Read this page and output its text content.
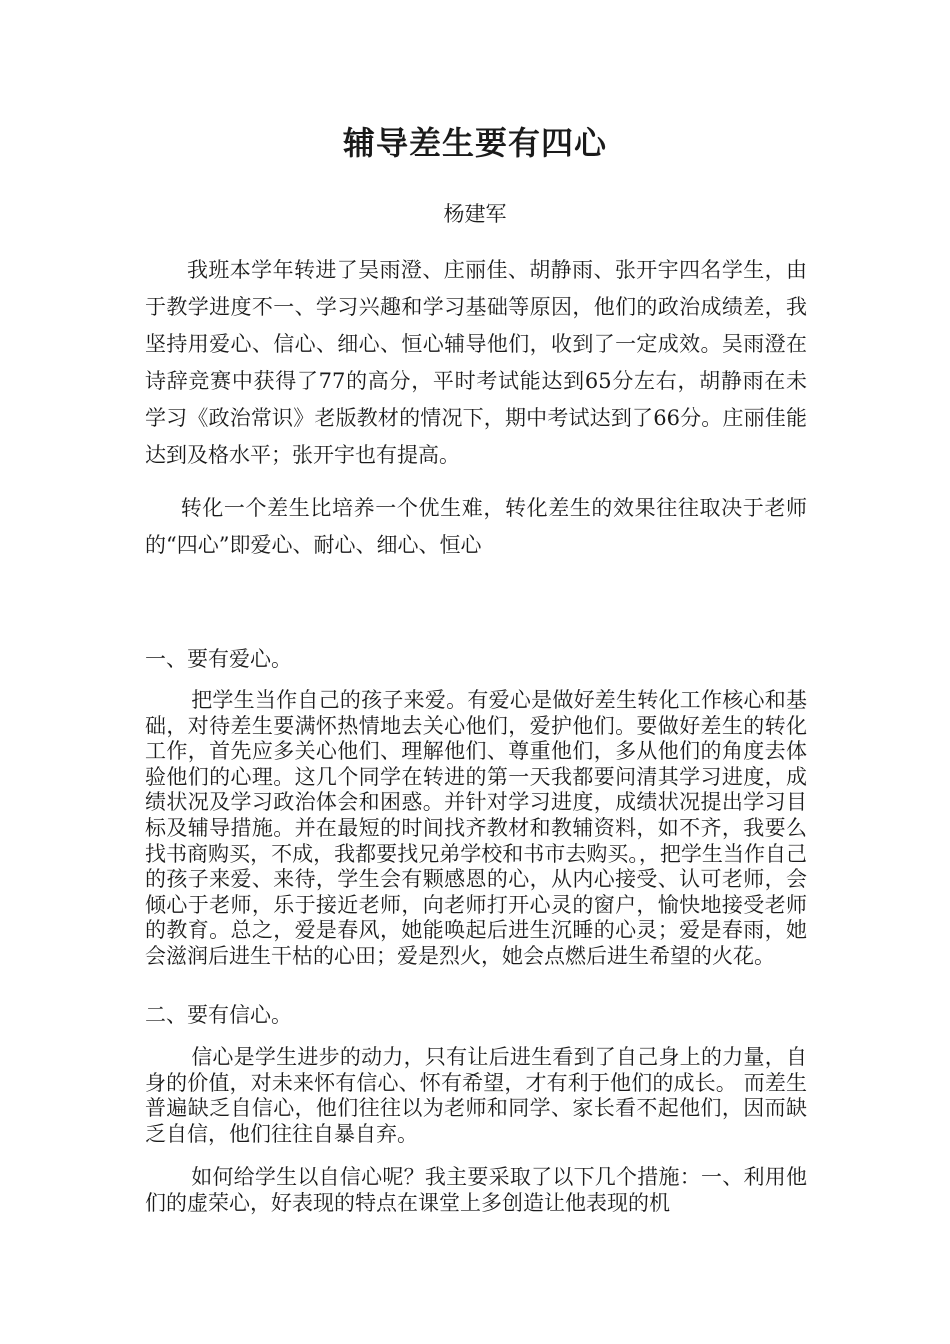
辅导差生要有四心

杨建军

我班本学年转进了吴雨澄、庄丽佳、胡静雨、张开宇四名学生，由于教学进度不一、学习兴趣和学习基础等原因，他们的政治成绩差，我坚持用爱心、信心、细心、恒心辅导他们，收到了一定成效。吴雨澄在诗辞竞赛中获得了77的高分，平时考试能达到65分左右，胡静雨在未学习《政治常识》老版教材的情况下，期中考试达到了66分。庄丽佳能达到及格水平；张开宇也有提高。

转化一个差生比培养一个优生难，转化差生的效果往往取决于老师的“四心”即爱心、耐心、细心、恒心

一、要有爱心。

把学生当作自己的孩子来爱。有爱心是做好差生转化工作核心和基础，对待差生要满怀热情地去关心他们，爱护他们。要做好差生的转化工作，首先应多关心他们、理解他们、尊重他们，多从他们的角度去体验他们的心理。这几个同学在转进的第一天我都要问清其学习进度，成绩状况及学习政治体会和困惑。并针对学习进度，成绩状况提出学习目标及辅导措施。并在最短的时间找齐教材和教辅资料，如不齐，我要么找书商购买，不成，我都要找兄弟学校和书市去购买。，把学生当作自己的孩子来爱、来待，学生会有颗感恩的心，从内心接受、认可老师，会倾心于老师，乐于接近老师，向老师打开心灵的窗户，愉快地接受老师的教育。总之，爱是春风，她能唤起后进生沉睡的心灵；爱是春雨，她会滋润后进生干枯的心田；爱是烈火，她会点燃后进生希望的火花。

二、要有信心。

信心是学生进步的动力，只有让后进生看到了自己身上的力量，自身的价值，对未来怀有信心、怀有希望，才有利于他们的成长。 而差生普遍缺乏自信心，他们往往以为老师和同学、家长看不起他们，因而缺乏自信，他们往往自暴自弃。

如何给学生以自信心呢？我主要采取了以下几个措施：一、利用他们的虚荣心，好表现的特点在课堂上多创造让他表现的机
